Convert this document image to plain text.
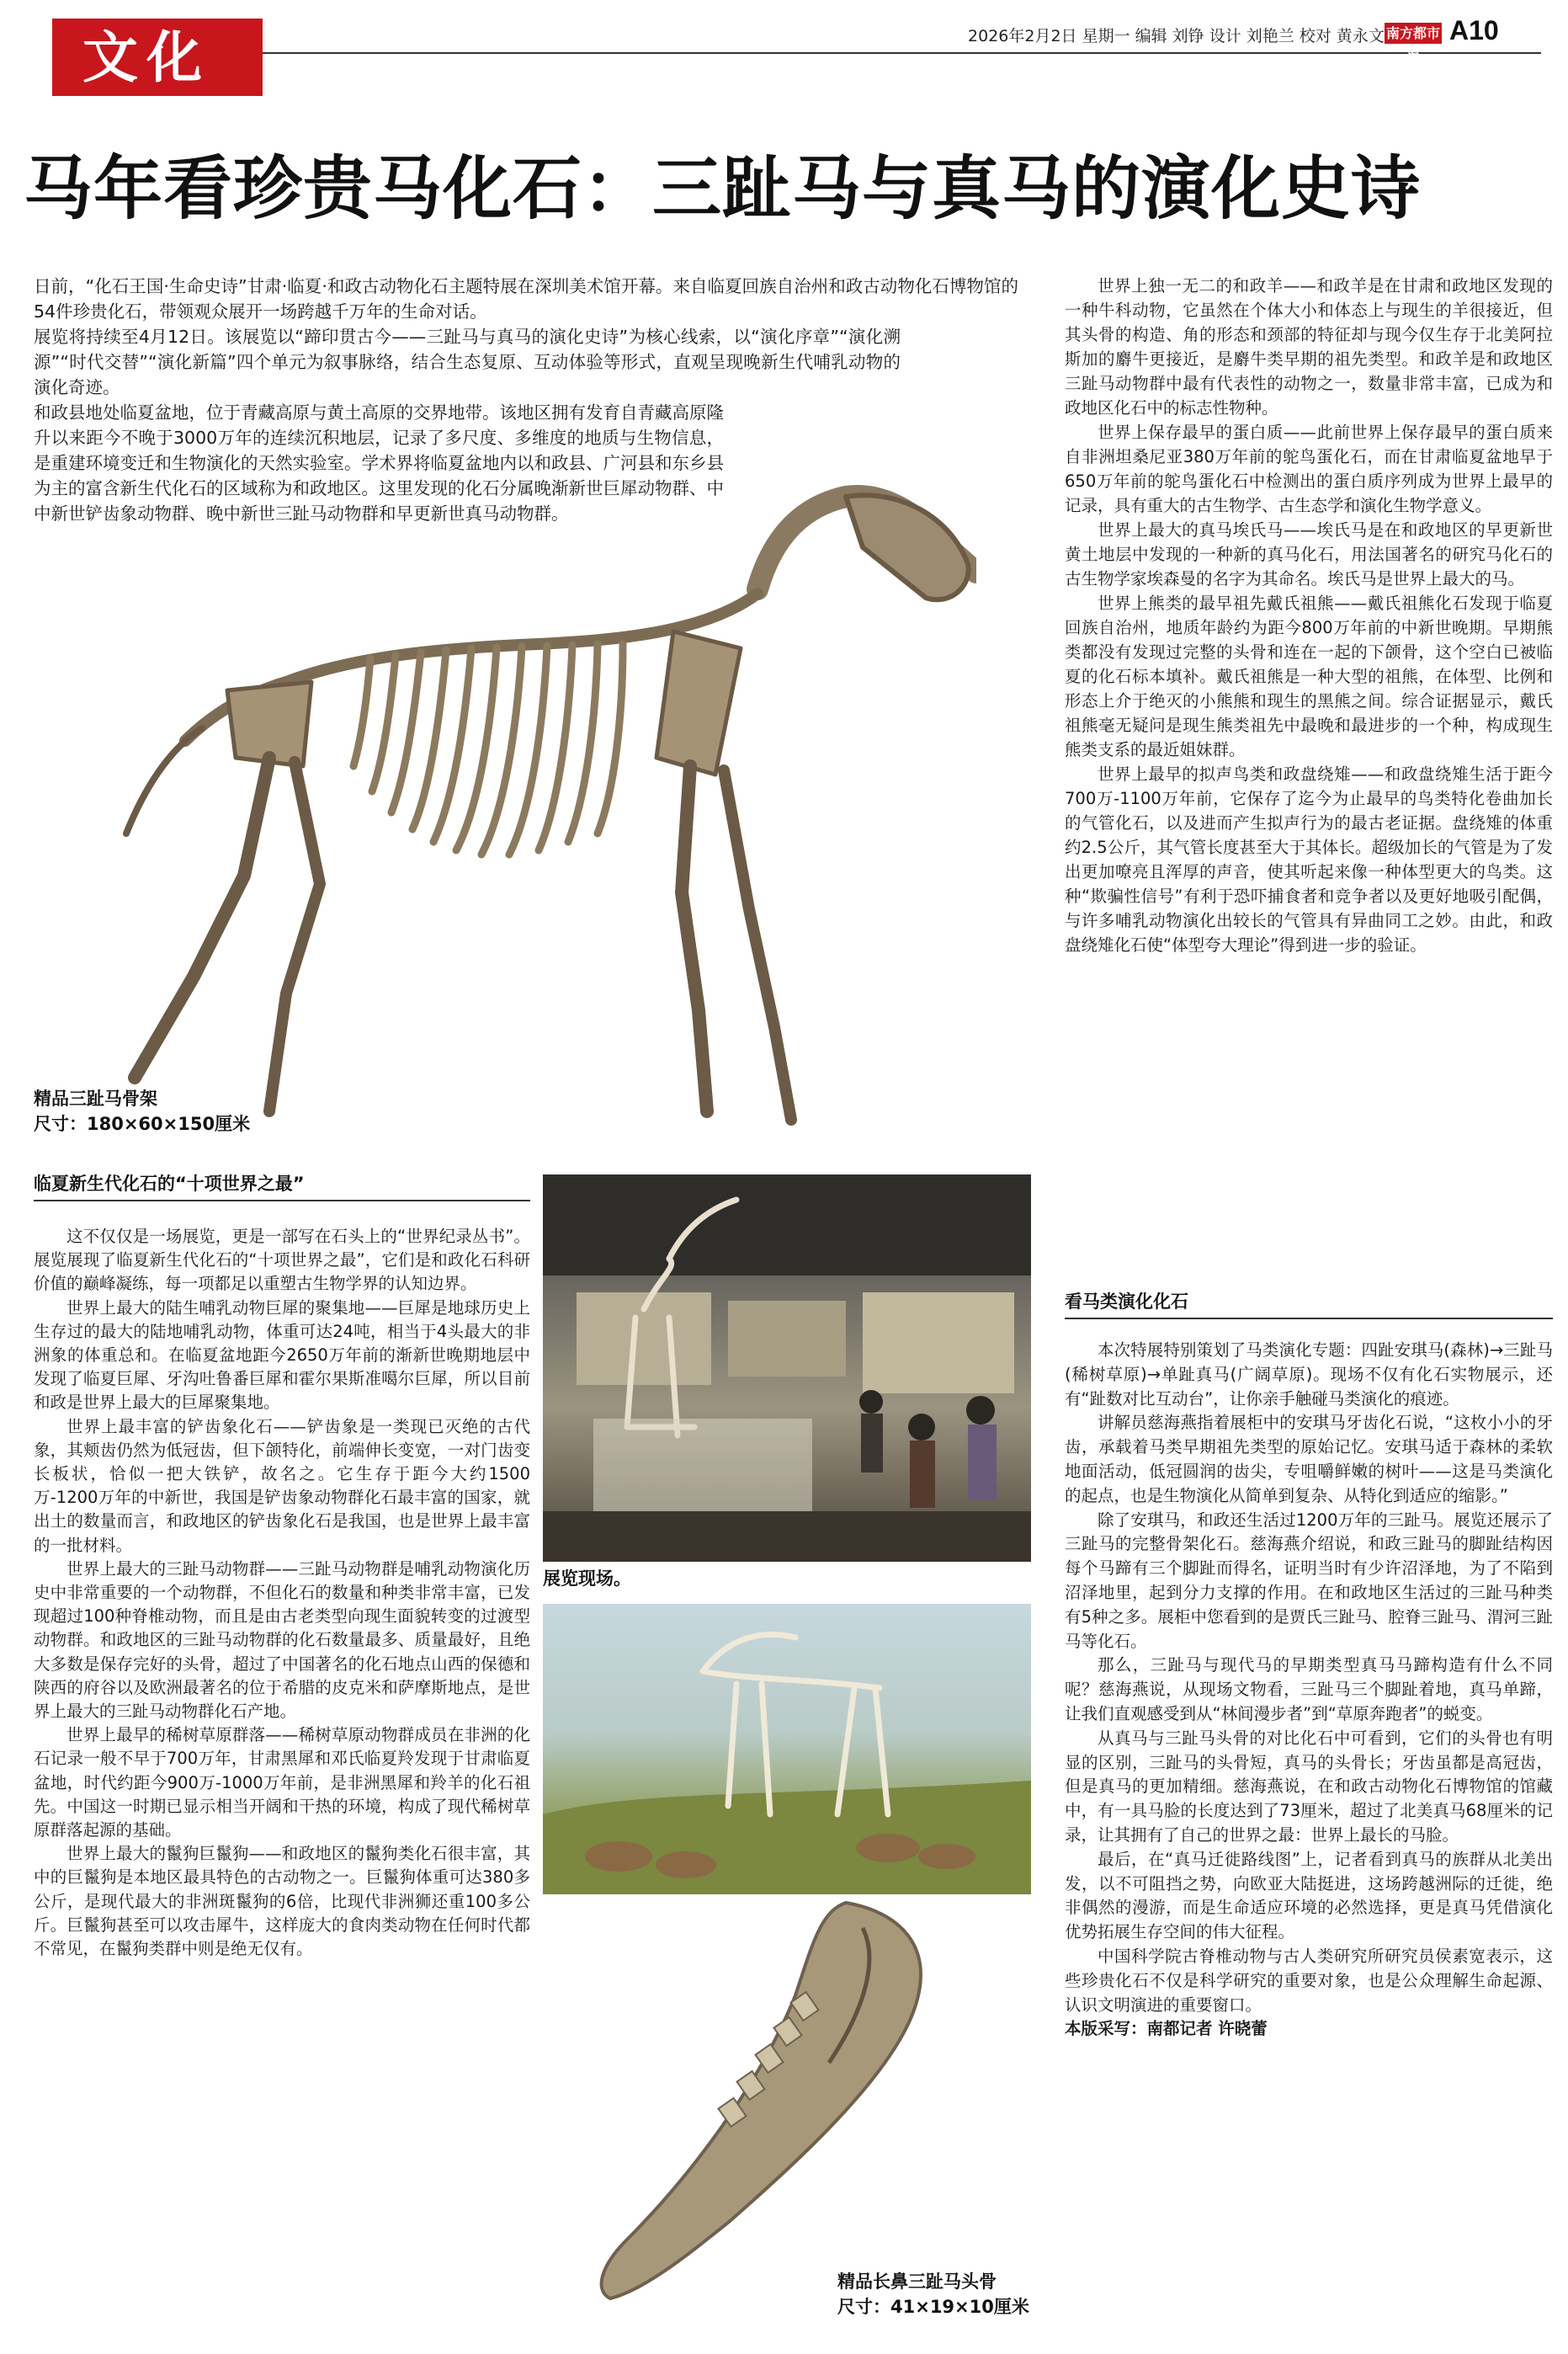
文化	2026年2月2日 星期一 编辑 刘铮 设计 刘艳兰 校对 黄永文 南方都市报
A10
马年看珍贵马化石：三趾马与真马的演化史诗

日前，“化石王国·生命史诗”甘肃·临夏·和政古动物化石主题特展在深圳美术馆开幕。来自临夏回族自治州和政古动物化石博物馆的54件珍贵化石，带领观众展开一场跨越千万年的生命对话。

展览将持续至4月12日。该展览以“蹄印贯古今——三趾马与真马的演化史诗”为核心线索，以“演化序章”“演化溯源”“时代交替”“演化新篇”四个单元为叙事脉络，结合生态复原、互动体验等形式，直观呈现晚新生代哺乳动物的演化奇迹。

和政县地处临夏盆地，位于青藏高原与黄土高原的交界地带。该地区拥有发育自青藏高原隆升以来距今不晚于3000万年的连续沉积地层，记录了多尺度、多维度的地质与生物信息，是重建环境变迁和生物演化的天然实验室。学术界将临夏盆地内以和政县、广河县和东乡县为主的富含新生代化石的区域称为和政地区。这里发现的化石分属晚渐新世巨犀动物群、中中新世铲齿象动物群、晚中新世三趾马动物群和早更新世真马动物群。

精品三趾马骨架
尺寸：180×60×150厘米

世界上独一无二的和政羊——和政羊是在甘肃和政地区发现的一种牛科动物，它虽然在个体大小和体态上与现生的羊很接近，但其头骨的构造、角的形态和颈部的特征却与现今仅生存于北美阿拉斯加的麝牛更接近，是麝牛类早期的祖先类型。和政羊是和政地区三趾马动物群中最有代表性的动物之一，数量非常丰富，已成为和政地区化石中的标志性物种。

世界上保存最早的蛋白质——此前世界上保存最早的蛋白质来自非洲坦桑尼亚380万年前的鸵鸟蛋化石，而在甘肃临夏盆地早于650万年前的鸵鸟蛋化石中检测出的蛋白质序列成为世界上最早的记录，具有重大的古生物学、古生态学和演化生物学意义。

世界上最大的真马埃氏马——埃氏马是在和政地区的早更新世黄土地层中发现的一种新的真马化石，用法国著名的研究马化石的古生物学家埃森曼的名字为其命名。埃氏马是世界上最大的马。

世界上熊类的最早祖先戴氏祖熊——戴氏祖熊化石发现于临夏回族自治州，地质年龄约为距今800万年前的中新世晚期。早期熊类都没有发现过完整的头骨和连在一起的下颌骨，这个空白已被临夏的化石标本填补。戴氏祖熊是一种大型的祖熊，在体型、比例和形态上介于绝灭的小熊熊和现生的黑熊之间。综合证据显示，戴氏祖熊毫无疑问是现生熊类祖先中最晚和最进步的一个种，构成现生熊类支系的最近姐妹群。

世界上最早的拟声鸟类和政盘绕雉——和政盘绕雉生活于距今700万-1100万年前，它保存了迄今为止最早的鸟类特化卷曲加长的气管化石，以及进而产生拟声行为的最古老证据。盘绕雉的体重约2.5公斤，其气管长度甚至大于其体长。超级加长的气管是为了发出更加嘹亮且浑厚的声音，使其听起来像一种体型更大的鸟类。这种“欺骗性信号”有利于恐吓捕食者和竞争者以及更好地吸引配偶，与许多哺乳动物演化出较长的气管具有异曲同工之妙。由此，和政盘绕雉化石使“体型夸大理论”得到进一步的验证。

看马类演化化石

本次特展特别策划了马类演化专题：四趾安琪马(森林)→三趾马(稀树草原)→单趾真马(广阔草原)。现场不仅有化石实物展示，还有“趾数对比互动台”，让你亲手触碰马类演化的痕迹。

讲解员慈海燕指着展柜中的安琪马牙齿化石说，“这枚小小的牙齿，承载着马类早期祖先类型的原始记忆。安琪马适于森林的柔软地面活动，低冠圆润的齿尖，专咀嚼鲜嫩的树叶——这是马类演化的起点，也是生物演化从简单到复杂、从特化到适应的缩影。”

除了安琪马，和政还生活过1200万年的三趾马。展览还展示了三趾马的完整骨架化石。慈海燕介绍说，和政三趾马的脚趾结构因每个马蹄有三个脚趾而得名，证明当时有少许沼泽地，为了不陷到沼泽地里，起到分力支撑的作用。在和政地区生活过的三趾马种类有5种之多。展柜中您看到的是贾氏三趾马、腔脊三趾马、渭河三趾马等化石。

那么，三趾马与现代马的早期类型真马马蹄构造有什么不同呢？慈海燕说，从现场文物看，三趾马三个脚趾着地，真马单蹄，让我们直观感受到从“林间漫步者”到“草原奔跑者”的蜕变。

从真马与三趾马头骨的对比化石中可看到，它们的头骨也有明显的区别，三趾马的头骨短，真马的头骨长；牙齿虽都是高冠齿，但是真马的更加精细。慈海燕说，在和政古动物化石博物馆的馆藏中，有一具马脸的长度达到了73厘米，超过了北美真马68厘米的记录，让其拥有了自己的世界之最：世界上最长的马脸。

最后，在“真马迁徙路线图”上，记者看到真马的族群从北美出发，以不可阻挡之势，向欧亚大陆挺进，这场跨越洲际的迁徙，绝非偶然的漫游，而是生命适应环境的必然选择，更是真马凭借演化优势拓展生存空间的伟大征程。

中国科学院古脊椎动物与古人类研究所研究员侯素宽表示，这些珍贵化石不仅是科学研究的重要对象，也是公众理解生命起源、认识文明演进的重要窗口。

本版采写：南都记者 许晓蕾

临夏新生代化石的“十项世界之最”

这不仅仅是一场展览，更是一部写在石头上的“世界纪录丛书”。展览展现了临夏新生代化石的“十项世界之最”，它们是和政化石科研价值的巅峰凝练，每一项都足以重塑古生物学界的认知边界。

世界上最大的陆生哺乳动物巨犀的聚集地——巨犀是地球历史上生存过的最大的陆地哺乳动物，体重可达24吨，相当于4头最大的非洲象的体重总和。在临夏盆地距今2650万年前的渐新世晚期地层中发现了临夏巨犀、牙沟吐鲁番巨犀和霍尔果斯准噶尔巨犀，所以目前和政是世界上最大的巨犀聚集地。

世界上最丰富的铲齿象化石——铲齿象是一类现已灭绝的古代象，其颊齿仍然为低冠齿，但下颌特化，前端伸长变宽，一对门齿变长板状，恰似一把大铁铲，故名之。它生存于距今大约1500万-1200万年的中新世，我国是铲齿象动物群化石最丰富的国家，就出土的数量而言，和政地区的铲齿象化石是我国，也是世界上最丰富的一批材料。

世界上最大的三趾马动物群——三趾马动物群是哺乳动物演化历史中非常重要的一个动物群，不但化石的数量和种类非常丰富，已发现超过100种脊椎动物，而且是由古老类型向现生面貌转变的过渡型动物群。和政地区的三趾马动物群的化石数量最多、质量最好，且绝大多数是保存完好的头骨，超过了中国著名的化石地点山西的保德和陕西的府谷以及欧洲最著名的位于希腊的皮克米和萨摩斯地点，是世界上最大的三趾马动物群化石产地。

世界上最早的稀树草原群落——稀树草原动物群成员在非洲的化石记录一般不早于700万年，甘肃黑犀和邓氏临夏羚发现于甘肃临夏盆地，时代约距今900万-1000万年前，是非洲黑犀和羚羊的化石祖先。中国这一时期已显示相当开阔和干热的环境，构成了现代稀树草原群落起源的基础。

世界上最大的鬣狗巨鬣狗——和政地区的鬣狗类化石很丰富，其中的巨鬣狗是本地区最具特色的古动物之一。巨鬣狗体重可达380多公斤，是现代最大的非洲斑鬣狗的6倍，比现代非洲狮还重100多公斤。巨鬣狗甚至可以攻击犀牛，这样庞大的食肉类动物在任何时代都不常见，在鬣狗类群中则是绝无仅有。

展览现场。
精品长鼻三趾马头骨
尺寸：41×19×10厘米
